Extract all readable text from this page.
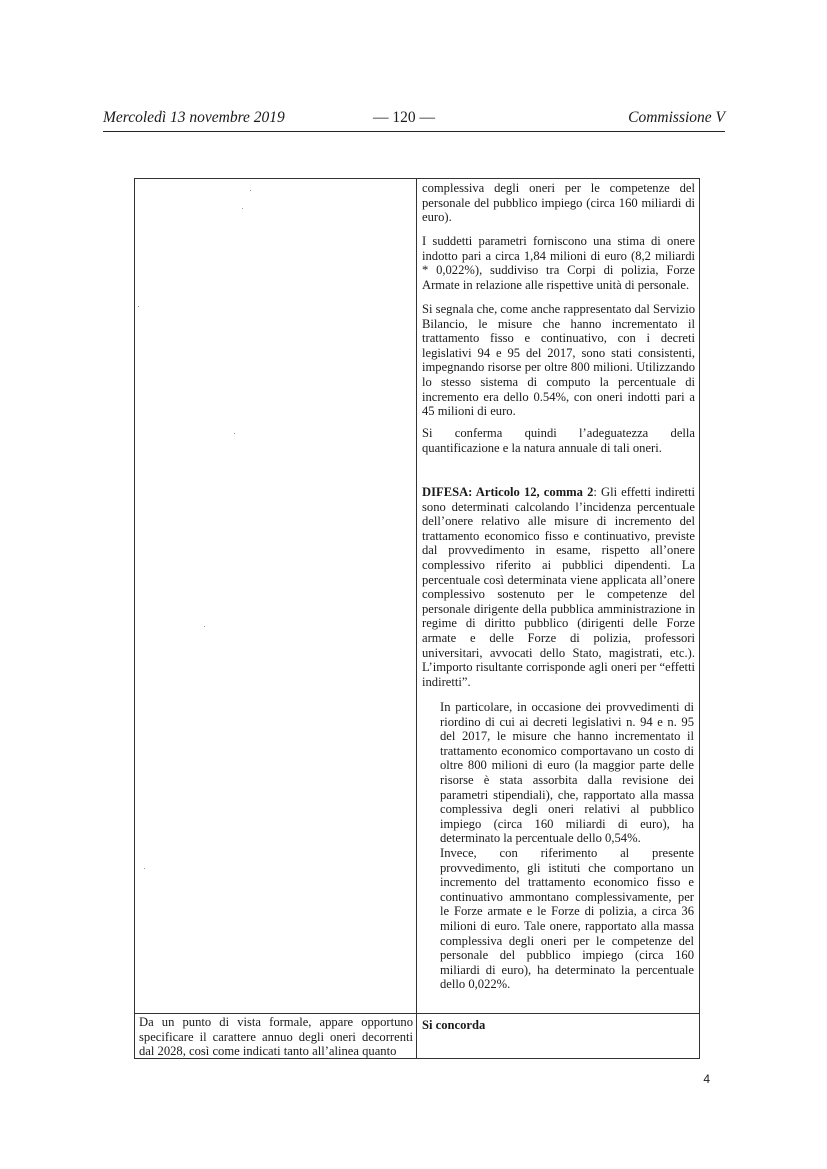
Mercoledì 13 novembre 2019	— 120 —	Commissione V

complessiva degli oneri per le competenze del personale del pubblico impiego (circa 160 miliardi di euro).

I suddetti parametri forniscono una stima di onere indotto pari a circa 1,84 milioni di euro (8,2 miliardi * 0,022%), suddiviso tra Corpi di polizia, Forze Armate in relazione alle rispettive unità di personale.

Si segnala che, come anche rappresentato dal Servizio Bilancio, le misure che hanno incrementato il trattamento fisso e continuativo, con i decreti legislativi 94 e 95 del 2017, sono stati consistenti, impegnando risorse per oltre 800 milioni. Utilizzando lo stesso sistema di computo la percentuale di incremento era dello 0.54%, con oneri indotti pari a 45 milioni di euro.

Si conferma quindi l’adeguatezza della quantificazione e la natura annuale di tali oneri.

DIFESA: Articolo 12, comma 2: Gli effetti indiretti sono determinati calcolando l’incidenza percentuale dell’onere relativo alle misure di incremento del trattamento economico fisso e continuativo, previste dal provvedimento in esame, rispetto all’onere complessivo riferito ai pubblici dipendenti. La percentuale così determinata viene applicata all’onere complessivo sostenuto per le competenze del personale dirigente della pubblica amministrazione in regime di diritto pubblico (dirigenti delle Forze armate e delle Forze di polizia, professori universitari, avvocati dello Stato, magistrati, etc.). L’importo risultante corrisponde agli oneri per “effetti indiretti”.

In particolare, in occasione dei provvedimenti di riordino di cui ai decreti legislativi n. 94 e n. 95 del 2017, le misure che hanno incrementato il trattamento economico comportavano un costo di oltre 800 milioni di euro (la maggior parte delle risorse è stata assorbita dalla revisione dei parametri stipendiali), che, rapportato alla massa complessiva degli oneri relativi al pubblico impiego (circa 160 miliardi di euro), ha determinato la percentuale dello 0,54%.

Invece, con riferimento al presente provvedimento, gli istituti che comportano un incremento del trattamento economico fisso e continuativo ammontano complessivamente, per le Forze armate e le Forze di polizia, a circa 36 milioni di euro. Tale onere, rapportato alla massa complessiva degli oneri per le competenze del personale del pubblico impiego (circa 160 miliardi di euro), ha determinato la percentuale dello 0,022%.

Si concorda
Da un punto di vista formale, appare opportuno specificare il carattere annuo degli oneri decorrenti dal 2028, così come indicati tanto all’alinea quanto
4
